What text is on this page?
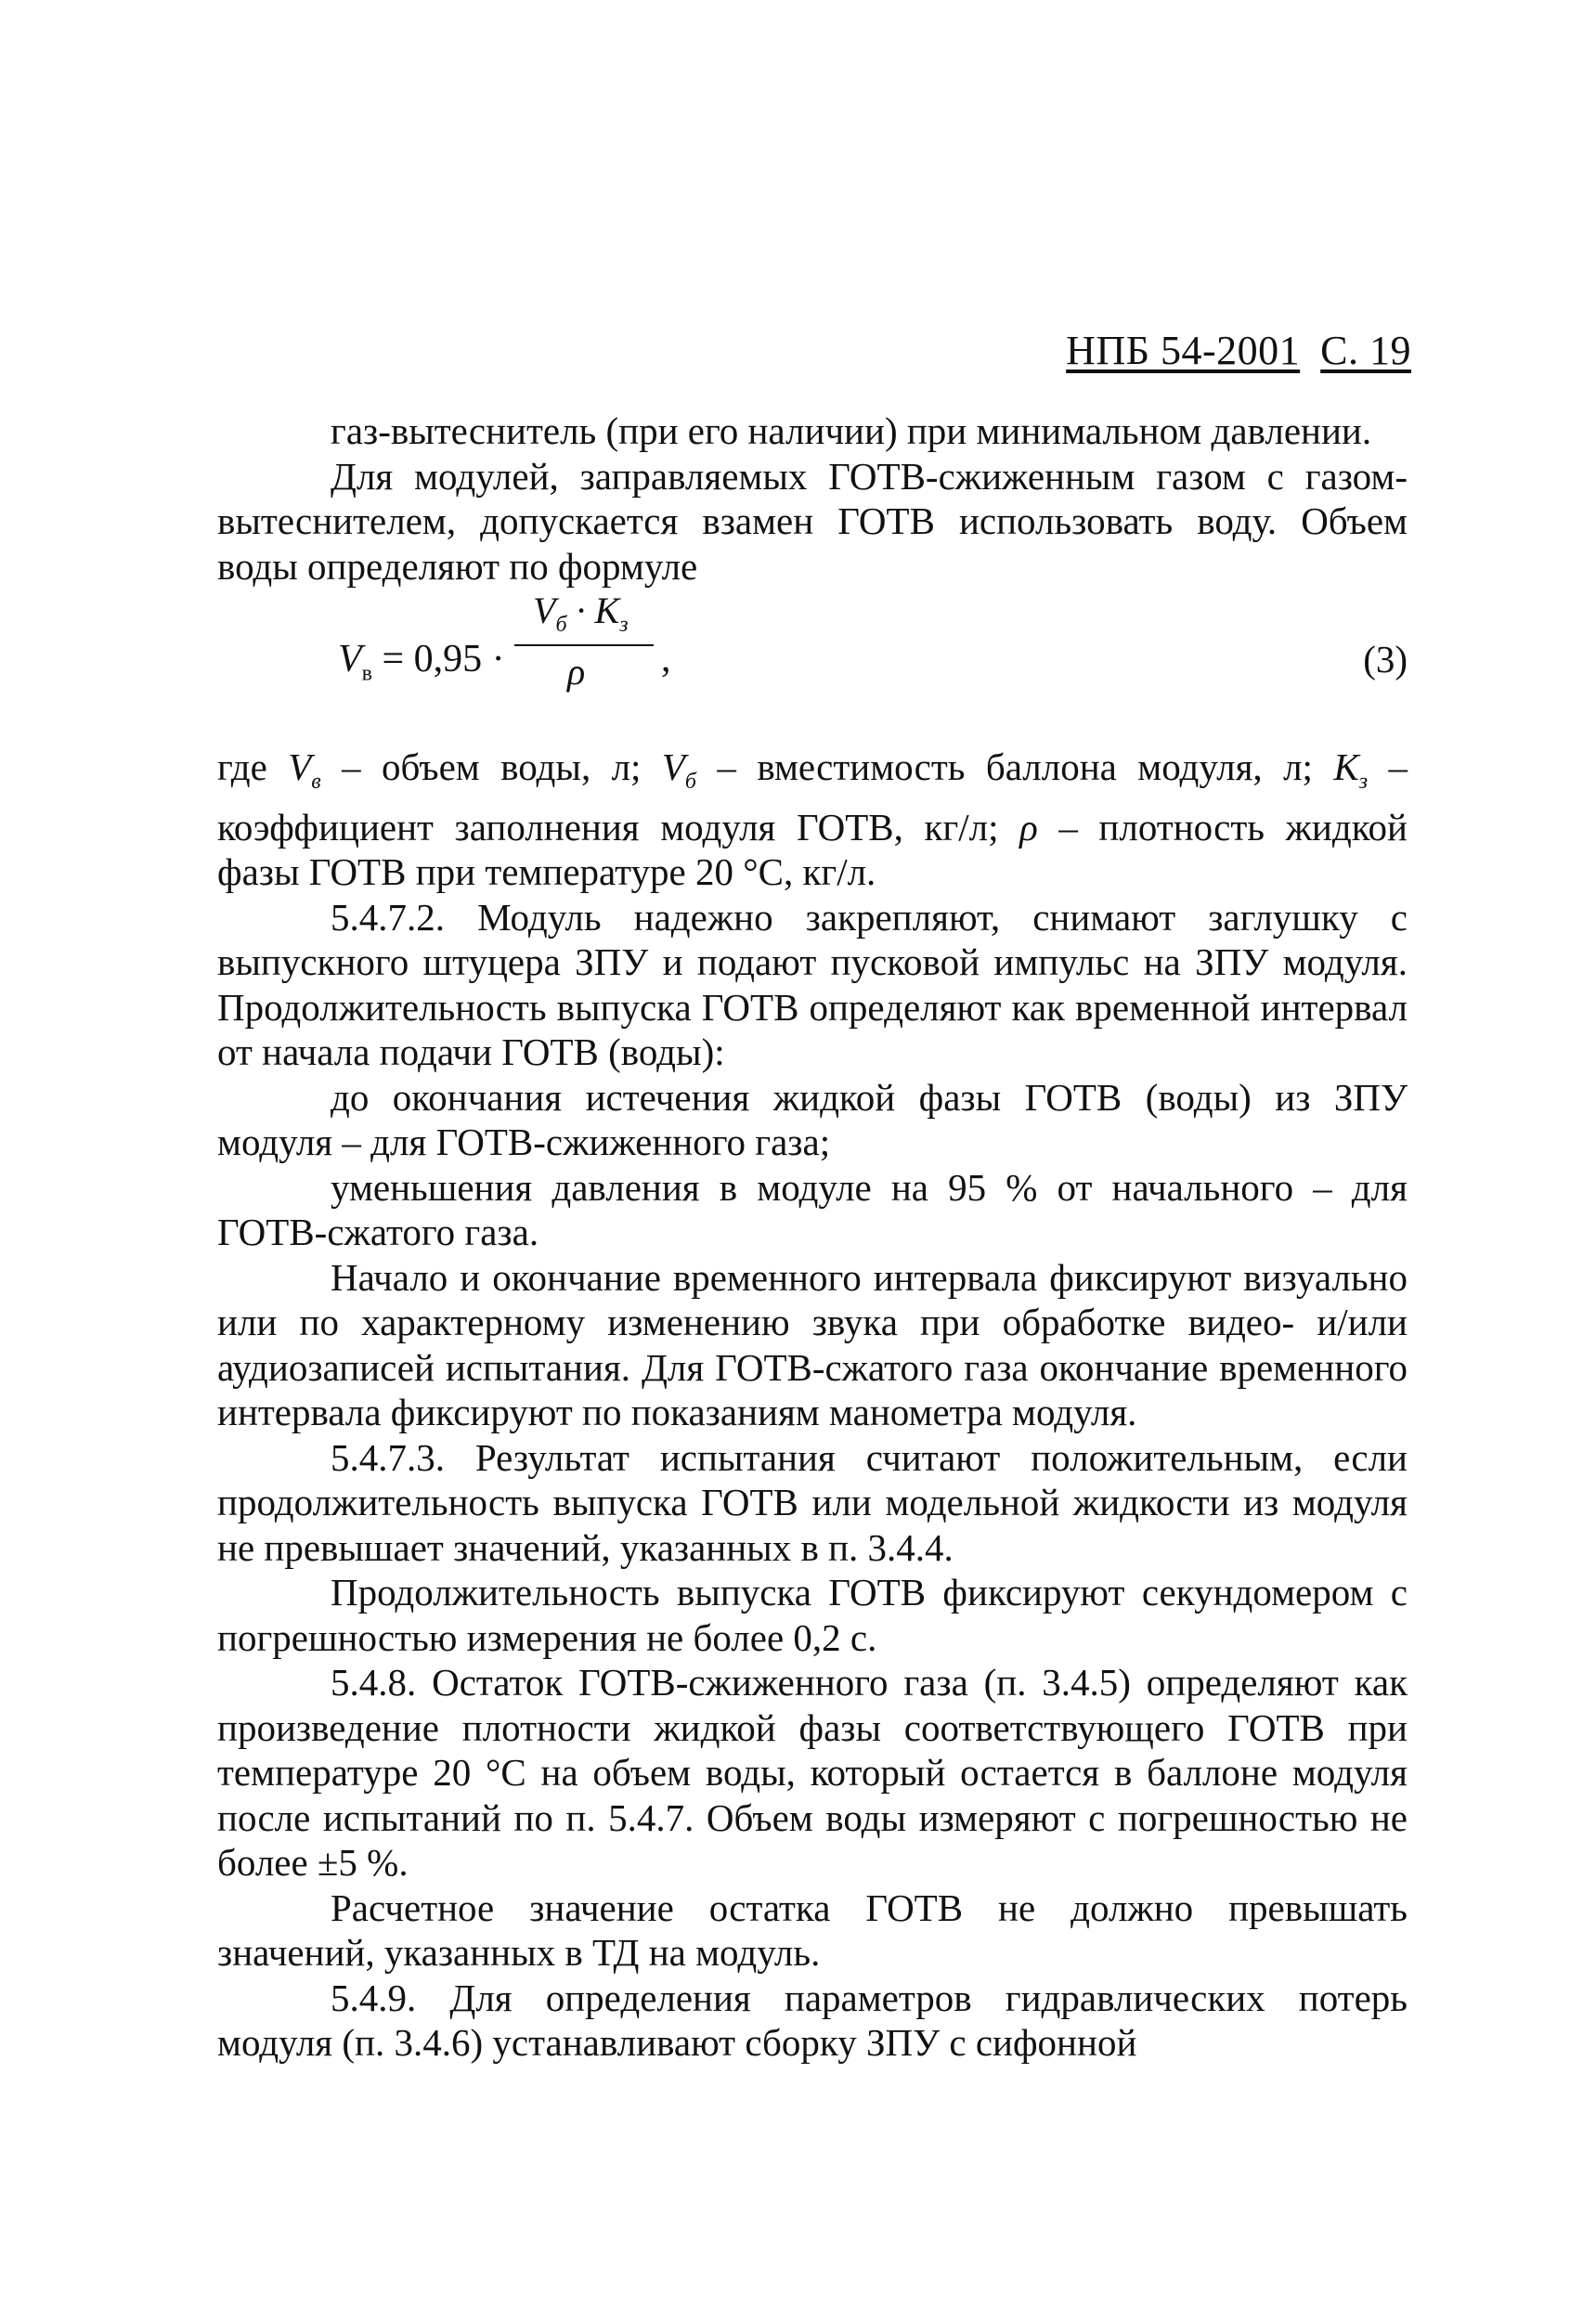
НПБ 54-2001 С. 19

газ-вытеснитель (при его наличии) при минимальном давлении.

Для модулей, заправляемых ГОТВ-сжиженным газом с газом-вытеснителем, допускается взамен ГОТВ использовать воду. Объем воды определяют по формуле

$V_в = 0,95$ ·
$V_б \cdot K_з$
ρ ,	(3)

где $V_в$ – объем воды, л; $V_б$ – вместимость баллона модуля, л; $K_з$ – коэффициент заполнения модуля ГОТВ, кг/л; ρ – плотность жидкой фазы ГОТВ при температуре 20 °С, кг/л.

5.4.7.2. Модуль надежно закрепляют, снимают заглушку с выпускного штуцера ЗПУ и подают пусковой импульс на ЗПУ модуля. Продолжительность выпуска ГОТВ определяют как временной интервал от начала подачи ГОТВ (воды):

до окончания истечения жидкой фазы ГОТВ (воды) из ЗПУ модуля – для ГОТВ-сжиженного газа;

уменьшения давления в модуле на 95 % от начального – для ГОТВ-сжатого газа.

Начало и окончание временного интервала фиксируют визуально или по характерному изменению звука при обработке видео- и/или аудиозаписей испытания. Для ГОТВ-сжатого газа окончание временного интервала фиксируют по показаниям манометра модуля.

5.4.7.3. Результат испытания считают положительным, если продолжительность выпуска ГОТВ или модельной жидкости из модуля не превышает значений, указанных в п. 3.4.4.

Продолжительность выпуска ГОТВ фиксируют секундомером с погрешностью измерения не более 0,2 с.

5.4.8. Остаток ГОТВ-сжиженного газа (п. 3.4.5) определяют как произведение плотности жидкой фазы соответствующего ГОТВ при температуре 20 °С на объем воды, который остается в баллоне модуля после испытаний по п. 5.4.7. Объем воды измеряют с погрешностью не более ±5 %.

Расчетное значение остатка ГОТВ не должно превышать значений, указанных в ТД на модуль.

5.4.9. Для определения параметров гидравлических потерь модуля (п. 3.4.6) устанавливают сборку ЗПУ с сифонной
